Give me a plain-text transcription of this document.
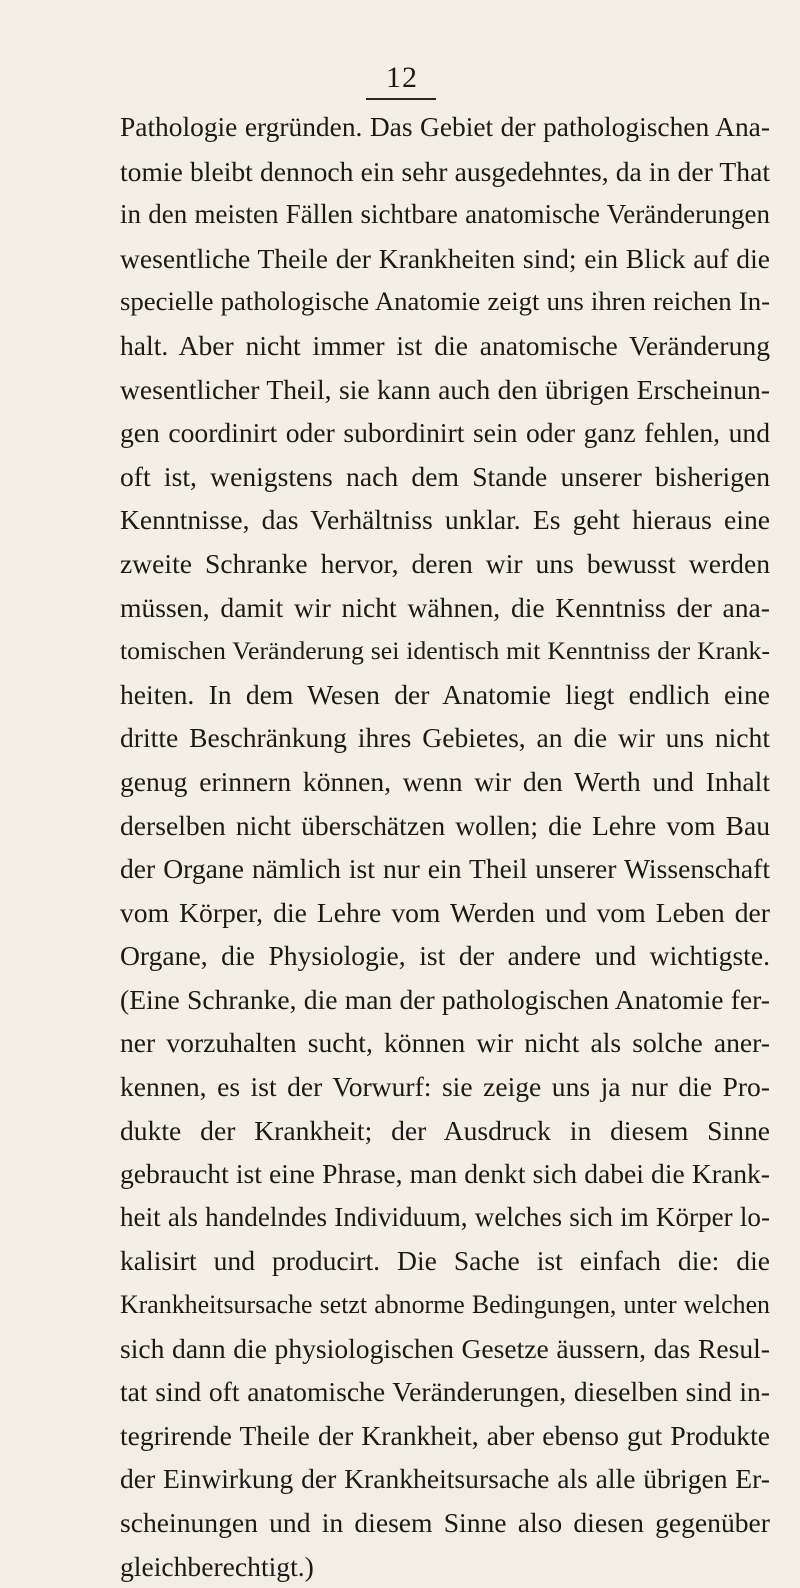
12
Pathologie ergründen. Das Gebiet der pathologischen Ana-
tomie bleibt dennoch ein sehr ausgedehntes, da in der That
in den meisten Fällen sichtbare anatomische Veränderungen
wesentliche Theile der Krankheiten sind; ein Blick auf die
specielle pathologische Anatomie zeigt uns ihren reichen In-
halt. Aber nicht immer ist die anatomische Veränderung
wesentlicher Theil, sie kann auch den übrigen Erscheinun-
gen coordinirt oder subordinirt sein oder ganz fehlen, und
oft ist, wenigstens nach dem Stande unserer bisherigen
Kenntnisse, das Verhältniss unklar. Es geht hieraus eine
zweite Schranke hervor, deren wir uns bewusst werden
müssen, damit wir nicht wähnen, die Kenntniss der ana-
tomischen Veränderung sei identisch mit Kenntniss der Krank-
heiten. In dem Wesen der Anatomie liegt endlich eine
dritte Beschränkung ihres Gebietes, an die wir uns nicht
genug erinnern können, wenn wir den Werth und Inhalt
derselben nicht überschätzen wollen; die Lehre vom Bau
der Organe nämlich ist nur ein Theil unserer Wissenschaft
vom Körper, die Lehre vom Werden und vom Leben der
Organe, die Physiologie, ist der andere und wichtigste.
(Eine Schranke, die man der pathologischen Anatomie fer-
ner vorzuhalten sucht, können wir nicht als solche aner-
kennen, es ist der Vorwurf: sie zeige uns ja nur die Pro-
dukte der Krankheit; der Ausdruck in diesem Sinne
gebraucht ist eine Phrase, man denkt sich dabei die Krank-
heit als handelndes Individuum, welches sich im Körper lo-
kalisirt und producirt. Die Sache ist einfach die: die
Krankheitsursache setzt abnorme Bedingungen, unter welchen
sich dann die physiologischen Gesetze äussern, das Resul-
tat sind oft anatomische Veränderungen, dieselben sind in-
tegrirende Theile der Krankheit, aber ebenso gut Produkte
der Einwirkung der Krankheitsursache als alle übrigen Er-
scheinungen und in diesem Sinne also diesen gegenüber
gleichberechtigt.)
